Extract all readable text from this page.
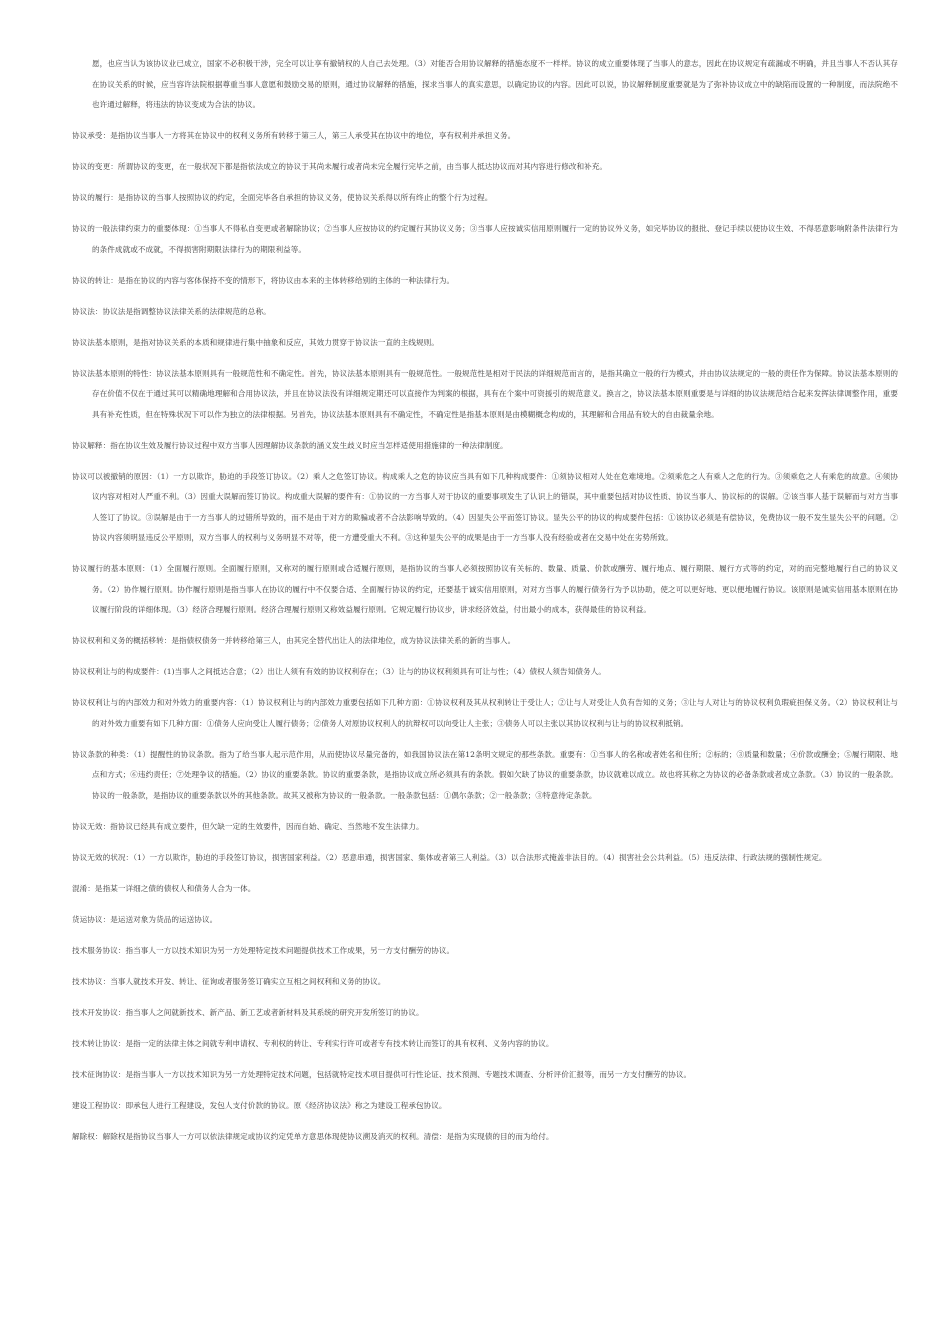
愿，也应当认为该协议业已成立，国家不必积极干涉，完全可以让享有撤销权的人自己去处理。（3）对能否合用协议解释的措施态度不一样样。协议的成立重要体现了当事人的意志，因此在协议规定有疏漏或不明确，并且当事人不否认其存在协议关系的时候，应当容许法院根据尊重当事人意愿和鼓励交易的原则，通过协议解释的措施，探求当事人的真实意思，以确定协议的内容。因此可以说，协议解释制度重要就是为了弥补协议成立中的缺陷而设置的一种制度，而法院绝不也许通过解释，将违法的协议变成为合法的协议。

协议承受：是指协议当事人一方将其在协议中的权利义务所有转移于第三人，第三人承受其在协议中的地位，享有权利并承担义务。

协议的变更：所谓协议的变更，在一般状况下都是指依法成立的协议于其尚未履行或者尚未完全履行完毕之前，由当事人抵达协议而对其内容进行修改和补充。

协议的履行：是指协议的当事人按照协议的约定，全面完毕各自承担的协议义务，使协议关系得以所有终止的整个行为过程。

协议的一般法律约束力的重要体现：①当事人不得私自变更或者解除协议；②当事人应按协议的约定履行其协议义务；③当事人应按诚实信用原则履行一定的协议外义务，如完毕协议的报批、登记手续以使协议生效、不得恶意影响附条件法律行为的条件成就或不成就，不得损害附期限法律行为的期限利益等。

协议的转让：是指在协议的内容与客体保持不变的情形下，将协议由本来的主体转移给别的主体的一种法律行为。

协议法：协议法是指调整协议法律关系的法律规范的总称。

协议法基本原则，是指对协议关系的本质和规律进行集中抽象和反应，其效力贯穿于协议法一直的主线规则。

协议法基本原则的特性：协议法基本原则具有一般规范性和不确定性。首先，协议法基本原则具有一般规范性。一般规范性是相对于民法的详细规范而言的，是指其确立一般的行为模式，并由协议法规定的一般的责任作为保障。协议法基本原则的存在价值不仅在于通过其可以精确地理解和合用协议法，并且在协议法没有详细规定期还可以直接作为判案的根据，具有在个案中可资援引的规范意义。换言之，协议法基本原则重要是与详细的协议法规范结合起来发挥法律调整作用，重要具有补充性质，但在特殊状况下可以作为独立的法律根据。另首先，协议法基本原则具有不确定性，不确定性是指基本原则是由模糊概念构成的，其理解和合用品有较大的自由裁量余地。

协议解释：指在协议生效及履行协议过程中双方当事人因理解协议条款的涵义发生歧义时应当怎样适使用措施律的一种法律制度。

协议可以被撤销的原因：（1）一方以欺诈，胁迫的手段签订协议。（2）乘人之危签订协议。构成乘人之危的协议应当具有如下几种构成要件：①须协议相对人处在危难境地。②须乘危之人有乘人之危的行为。③须乘危之人有乘危的故意。④须协议内容对相对人严重不利。（3）因重大误解而签订协议。构成重大误解的要件有：①协议的一方当事人对于协议的重要事项发生了认识上的错误，其中重要包括对协议性质、协议当事人、协议标的的误解。②该当事人基于误解而与对方当事人签订了协议。③误解是由于一方当事人的过错所导致的，而不是由于对方的欺骗或者不合法影响导致的。（4）因显失公平而签订协议。显失公平的协议的构成要件包括：①该协议必须是有偿协议，免费协议一般不发生显失公平的问题。②协议内容须明显违反公平原则，双方当事人的权利与义务明显不对等，使一方遭受重大不利。③这种显失公平的成果是由于一方当事人没有经验或者在交易中处在劣势所致。

协议履行的基本原则：（1）全面履行原则。全面履行原则，又称对的履行原则或合适履行原则，是指协议的当事人必须按照协议有关标的、数量、质量、价款或酬劳、履行地点、履行期限、履行方式等的约定，对的而完整地履行自己的协议义务。（2）协作履行原则。协作履行原则是指当事人在协议的履行中不仅要合适、全面履行协议的约定，还要基于诚实信用原则，对对方当事人的履行债务行为予以协助，使之可以更好地、更以便地履行协议。该原则是诚实信用基本原则在协议履行阶段的详细体现。（3）经济合理履行原则。经济合理履行原则又称效益履行原则。它规定履行协议步，讲求经济效益，付出最小的成本，获得最佳的协议利益。

协议权利和义务的概括移转：是指债权债务一并转移给第三人，由其完全替代出让人的法律地位，成为协议法律关系的新的当事人。

协议权利让与的构成要件：(1)当事人之间抵达合意；（2）出让人须有有效的协议权利存在；（3）让与的协议权利须具有可让与性；（4）债权人须告知债务人。

协议权利让与的内部效力和对外效力的重要内容：（1）协议权利让与的内部效力重要包括如下几种方面：①协议权利及其从权利转让于受让人；②让与人对受让人负有告知的义务；③让与人对让与的协议权利负瑕疵担保义务。（2）协议权利让与的对外效力重要有如下几种方面：①债务人应向受让人履行债务；②债务人对原协议权利人的抗辩权可以向受让人主张；③债务人可以主张以其协议权利与让与的协议权利抵销。

协议条款的种类：（1）提醒性的协议条款。指为了给当事人起示范作用，从而使协议尽量完备的，如我国协议法在第12条明文规定的那些条款。重要有：①当事人的名称或者姓名和住所；②标的；③质量和数量；④价款或酬金；⑤履行期限、地点和方式；⑥违约责任；⑦处理争议的措施。（2）协议的重要条款。协议的重要条款，是指协议成立所必须具有的条款。假如欠缺了协议的重要条款，协议就难以成立。故也将其称之为协议的必备条款或者成立条款。（3）协议的一般条款。协议的一般条款，是指协议的重要条款以外的其他条款。故其又被称为协议的一般条款。一般条款包括：①偶尔条款；②一般条款；③特意待定条款。

协议无效：指协议已经具有成立要件，但欠缺一定的生效要件，因而自始、确定、当然地不发生法律力。

协议无效的状况：（1）一方以欺诈，胁迫的手段签订协议，损害国家利益。（2）恶意串通，损害国家、集体或者第三人利益。（3）以合法形式掩盖非法目的。（4）损害社会公共利益。（5）违反法律、行政法规的强制性规定。

混淆：是指某一详细之债的债权人和债务人合为一体。

货运协议：是运送对象为货品的运送协议。

技术服务协议：指当事人一方以技术知识为另一方处理特定技术问题提供技术工作成果，另一方支付酬劳的协议。

技术协议：当事人就技术开发、转让、征询或者服务签订确实立互相之间权利和义务的协议。

技术开发协议：指当事人之间就新技术、新产品、新工艺或者新材料及其系统的研究开发所签订的协议。

技术转让协议：是指一定的法律主体之间就专利申请权、专利权的转让、专利实行许可或者专有技术转让而签订的具有权利、义务内容的协议。

技术征询协议：是指当事人一方以技术知识为另一方处理特定技术问题，包括就特定技术项目提供可行性论证、技术预测、专题技术调查、分析评价汇报等，而另一方支付酬劳的协议。

建设工程协议：即承包人进行工程建设，发包人支付价款的协议。原《经济协议法》称之为建设工程承包协议。

解除权：解除权是指协议当事人一方可以依法律规定或协议约定凭单方意思体现使协议溯及消灭的权利。清偿：是指为实现债的目的而为给付。
